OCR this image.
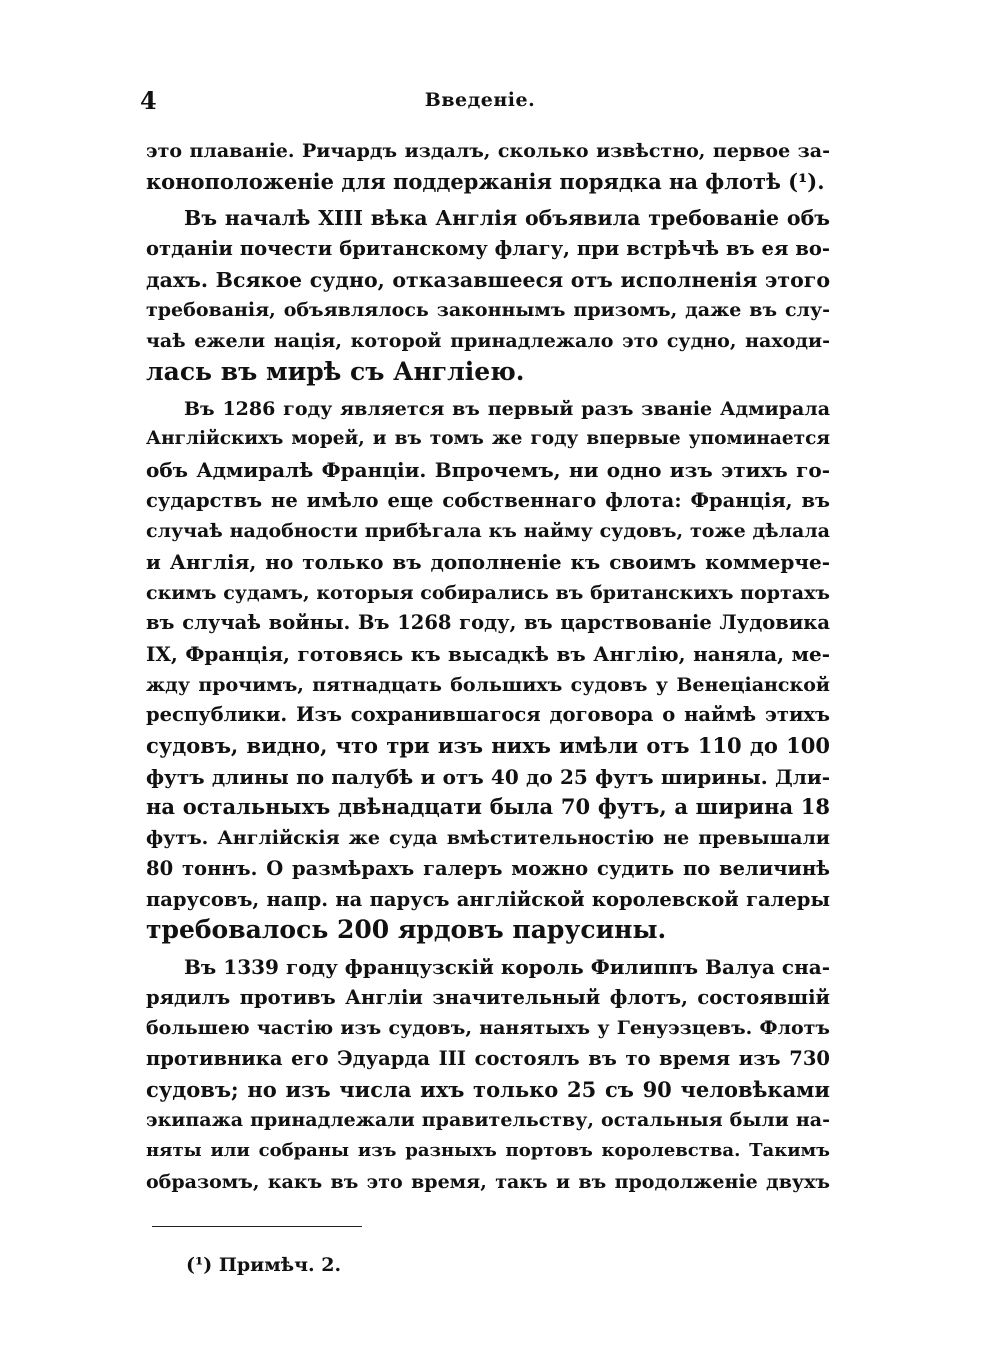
4	Введеніе.
это плаваніе. Ричардъ издалъ, сколько извѣстно, первое за-
коноположеніе для поддержанія порядка на флотѣ (¹).
Въ началѣ XIII вѣка Англія объявила требованіе объ
отданіи почести британскому флагу, при встрѣчѣ въ ея во-
дахъ. Всякое судно, отказавшееся отъ исполненія этого
требованія, объявлялось законнымъ призомъ, даже въ слу-
чаѣ ежели нація, которой принадлежало это судно, находи-
лась въ мирѣ съ Англіею.
Въ 1286 году является въ первый разъ званіе Адмирала
Англійскихъ морей, и въ томъ же году впервые упоминается
объ Адмиралѣ Франціи. Впрочемъ, ни одно изъ этихъ го-
сударствъ не имѣло еще собственнаго флота: Франція, въ
случаѣ надобности прибѣгала къ найму судовъ, тоже дѣлала
и Англія, но только въ дополненіе къ своимъ коммерче-
скимъ судамъ, которыя собирались въ британскихъ портахъ
въ случаѣ войны. Въ 1268 году, въ царствованіе Лудовика
IX, Франція, готовясь къ высадкѣ въ Англію, наняла, ме-
жду прочимъ, пятнадцать большихъ судовъ у Венеціанской
республики. Изъ сохранившагося договора о наймѣ этихъ
судовъ, видно, что три изъ нихъ имѣли отъ 110 до 100
футъ длины по палубѣ и отъ 40 до 25 футъ ширины. Дли-
на остальныхъ двѣнадцати была 70 футъ, а ширина 18
футъ. Англійскія же суда вмѣстительностію не превышали
80 тоннъ. О размѣрахъ галеръ можно судить по величинѣ
парусовъ, напр. на парусъ англійской королевской галеры
требовалось 200 ярдовъ парусины.
Въ 1339 году французскій король Филиппъ Валуа сна-
рядилъ противъ Англіи значительный флотъ, состоявшій
большею частію изъ судовъ, нанятыхъ у Генуэзцевъ. Флотъ
противника его Эдуарда III состоялъ въ то время изъ 730
судовъ; но изъ числа ихъ только 25 съ 90 человѣками
экипажа принадлежали правительству, остальныя были на-
няты или собраны изъ разныхъ портовъ королевства. Такимъ
образомъ, какъ въ это время, такъ и въ продолженіе двухъ
(¹) Примѣч. 2.
